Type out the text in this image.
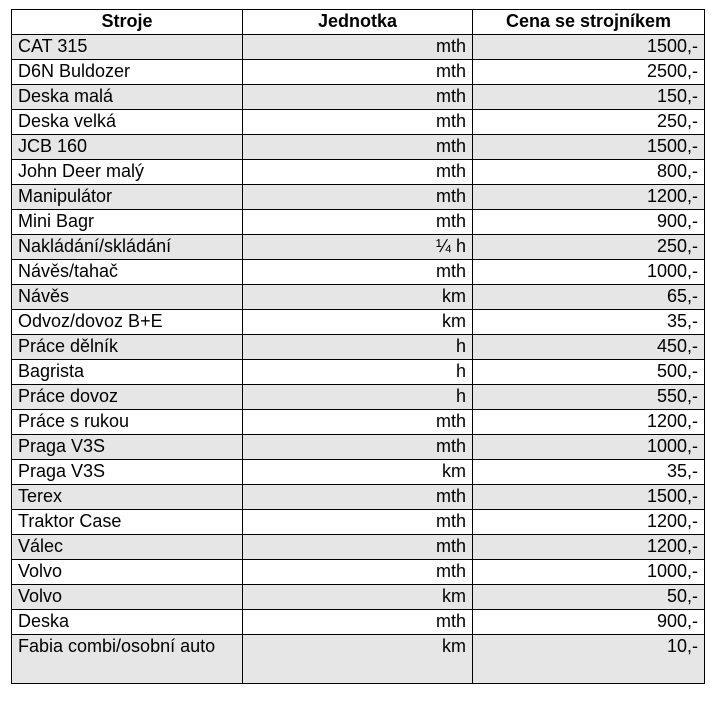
Stroje	Jednotka	Cena se strojníkem
CAT 315	mth	1500,-
D6N Buldozer	mth	2500,-
Deska malá	mth	150,-
Deska velká	mth	250,-
JCB 160	mth	1500,-
John Deer malý	mth	800,-
Manipulátor	mth	1200,-
Mini Bagr	mth	900,-
Nakládání/skládání	¼ h	250,-
Návěs/tahač	mth	1000,-
Návěs	km	65,-
Odvoz/dovoz B+E	km	35,-
Práce dělník	h	450,-
Bagrista	h	500,-
Práce dovoz	h	550,-
Práce s rukou	mth	1200,-
Praga V3S	mth	1000,-
Praga V3S	km	35,-
Terex	mth	1500,-
Traktor Case	mth	1200,-
Válec	mth	1200,-
Volvo	mth	1000,-
Volvo	km	50,-
Deska	mth	900,-
Fabia combi/osobní auto	km	10,-
